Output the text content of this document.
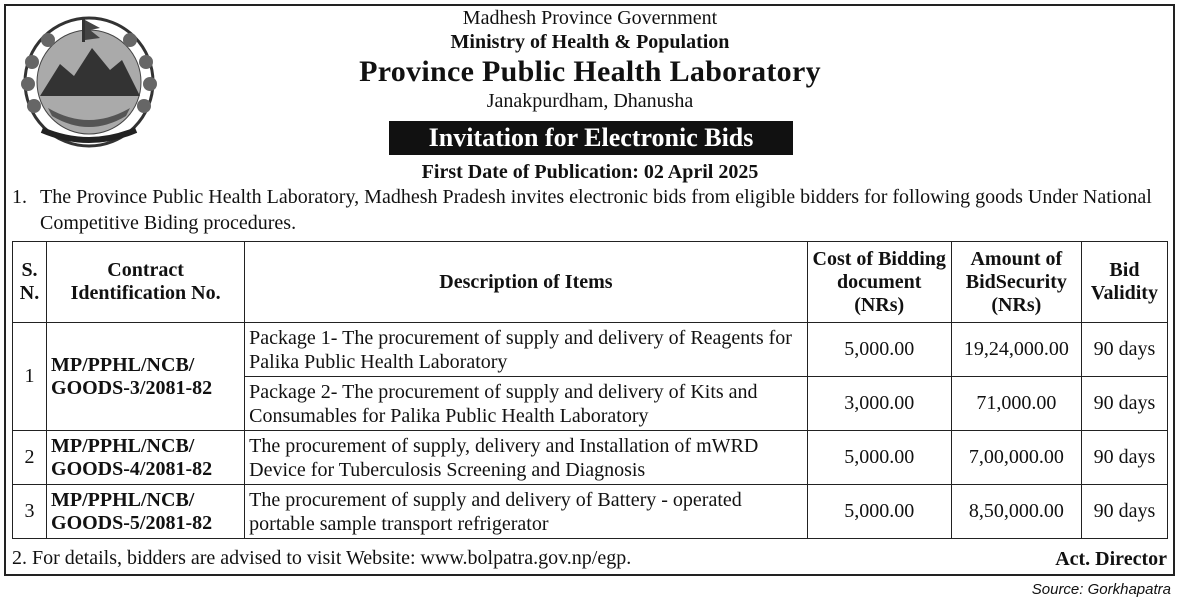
Madhesh Province Government
Ministry of Health & Population
Province Public Health Laboratory
Janakpurdham, Dhanusha
Invitation for Electronic Bids
First Date of Publication: 02 April 2025
1. The Province Public Health Laboratory, Madhesh Pradesh invites electronic bids from eligible bidders for following goods Under National Competitive Biding procedures.
S. N.	Contract Identification No.	Description of Items	Cost of Bidding document (NRs)	Amount of BidSecurity (NRs)	Bid Validity
1	MP/PPHL/NCB/ GOODS-3/2081-82	Package 1- The procurement of supply and delivery of Reagents for Palika Public Health Laboratory	5,000.00	19,24,000.00	90 days
		Package 2- The procurement of supply and delivery of Kits and Consumables for Palika Public Health Laboratory	3,000.00	71,000.00	90 days
2	MP/PPHL/NCB/ GOODS-4/2081-82	The procurement of supply, delivery and Installation of mWRD Device for Tuberculosis Screening and Diagnosis	5,000.00	7,00,000.00	90 days
3	MP/PPHL/NCB/ GOODS-5/2081-82	The procurement of supply and delivery of Battery - operated portable sample transport refrigerator	5,000.00	8,50,000.00	90 days
2. For details, bidders are advised to visit Website: www.bolpatra.gov.np/egp.	Act. Director
Source: Gorkhapatra
